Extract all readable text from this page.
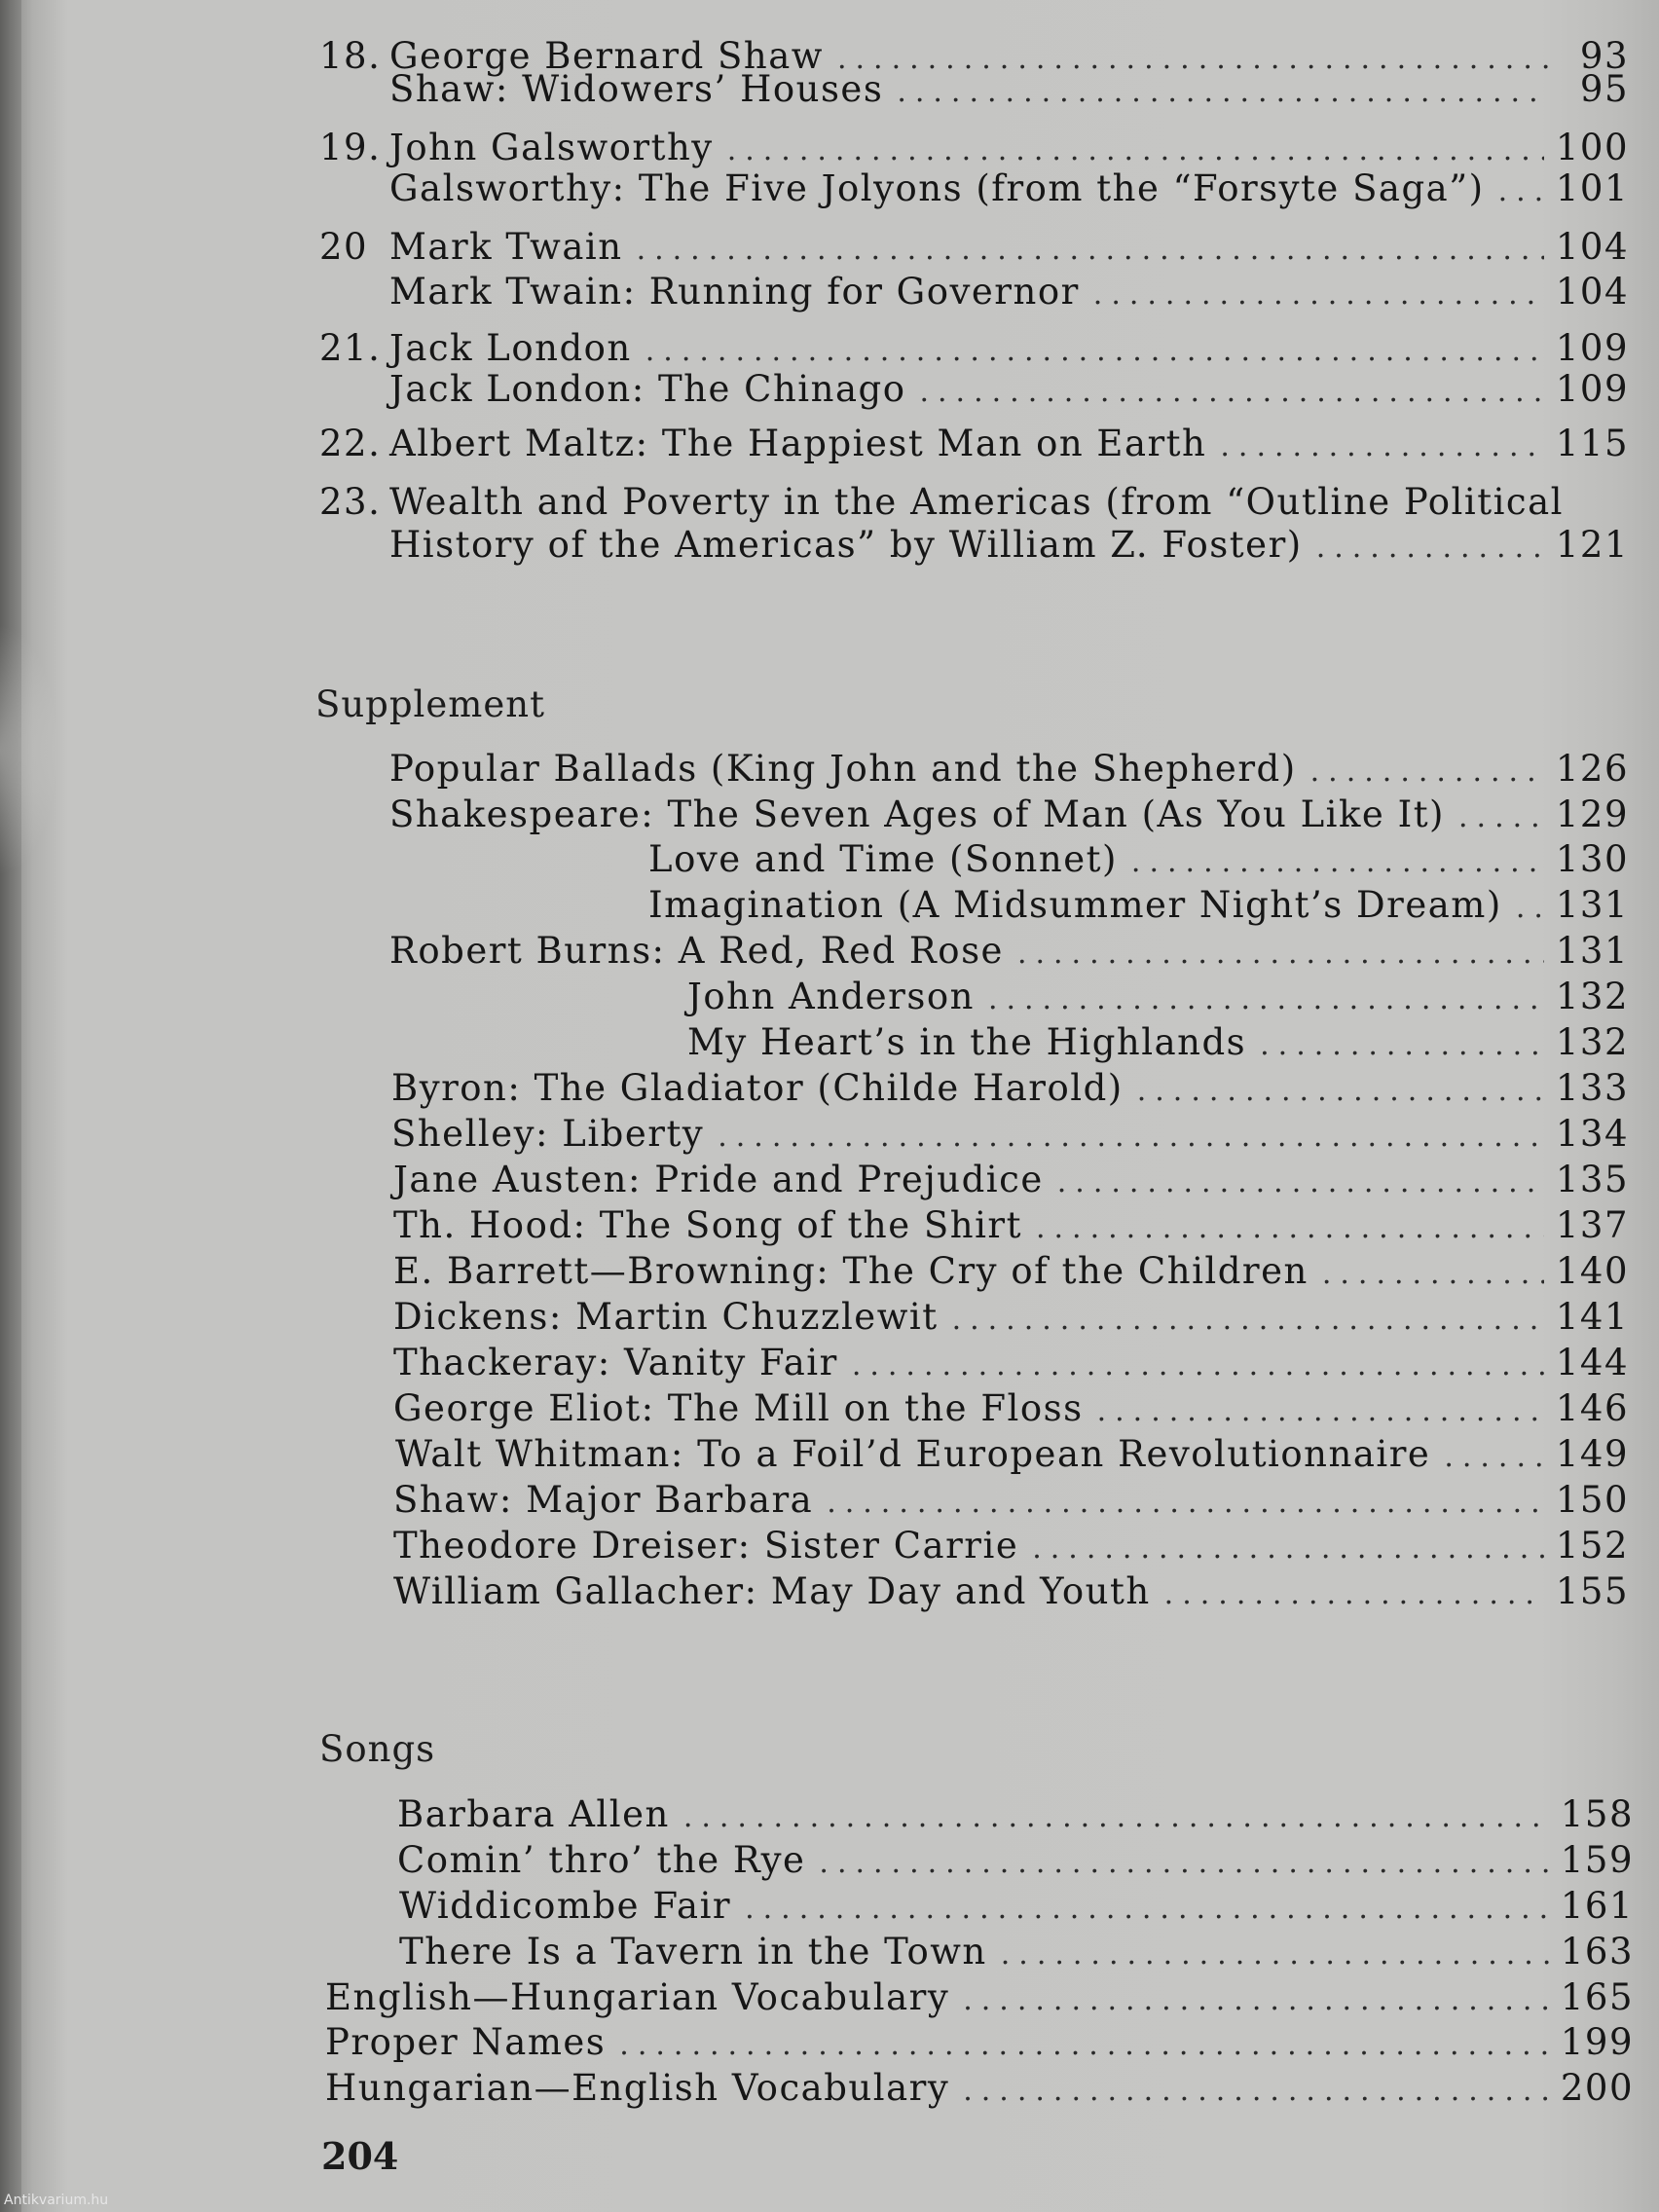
18. George Bernard Shaw .....	93
Shaw: Widowers’ Houses .....	95
19. John Galsworthy .....	100
Galsworthy: The Five Jolyons (from the “Forsyte Saga”) ..... 101
20 Mark Twain .....	104
Mark Twain: Running for Governor .....	104
21. Jack London .....	109
Jack London: The Chinago .....	109
22. Albert Maltz: The Happiest Man on Earth .....	115
23. Wealth and Poverty in the Americas (from “Outline Political
History of the Americas” by William Z. Foster) .....	121
Supplement
Popular Ballads (King John and the Shepherd) .....	126
Shakespeare: The Seven Ages of Man (As You Like It) .....	129
Love and Time (Sonnet) .....	130
Imagination (A Midsummer Night’s Dream) ..... 131
Robert Burns: A Red, Red Rose .....	131
John Anderson .....	132
My Heart’s in the Highlands .....	132
Byron: The Gladiator (Childe Harold) .....	133
Shelley: Liberty .....	134
Jane Austen: Pride and Prejudice .....	135
Th. Hood: The Song of the Shirt .....	137
E. Barrett—Browning: The Cry of the Children .....	140
Dickens: Martin Chuzzlewit .....	141
Thackeray: Vanity Fair .....	144
George Eliot: The Mill on the Floss .....	146
Walt Whitman: To a Foil’d European Revolutionnaire .....	149
Shaw: Major Barbara .....	150
Theodore Dreiser: Sister Carrie .....	152
William Gallacher: May Day and Youth .....	155
Songs
Barbara Allen .....	158
Comin’ thro’ the Rye .....	159
Widdicombe Fair .....	161
There Is a Tavern in the Town .....	163
English—Hungarian Vocabulary .....	165
Proper Names .....	199
Hungarian—English Vocabulary .....	200
204
Antikvarium.hu
